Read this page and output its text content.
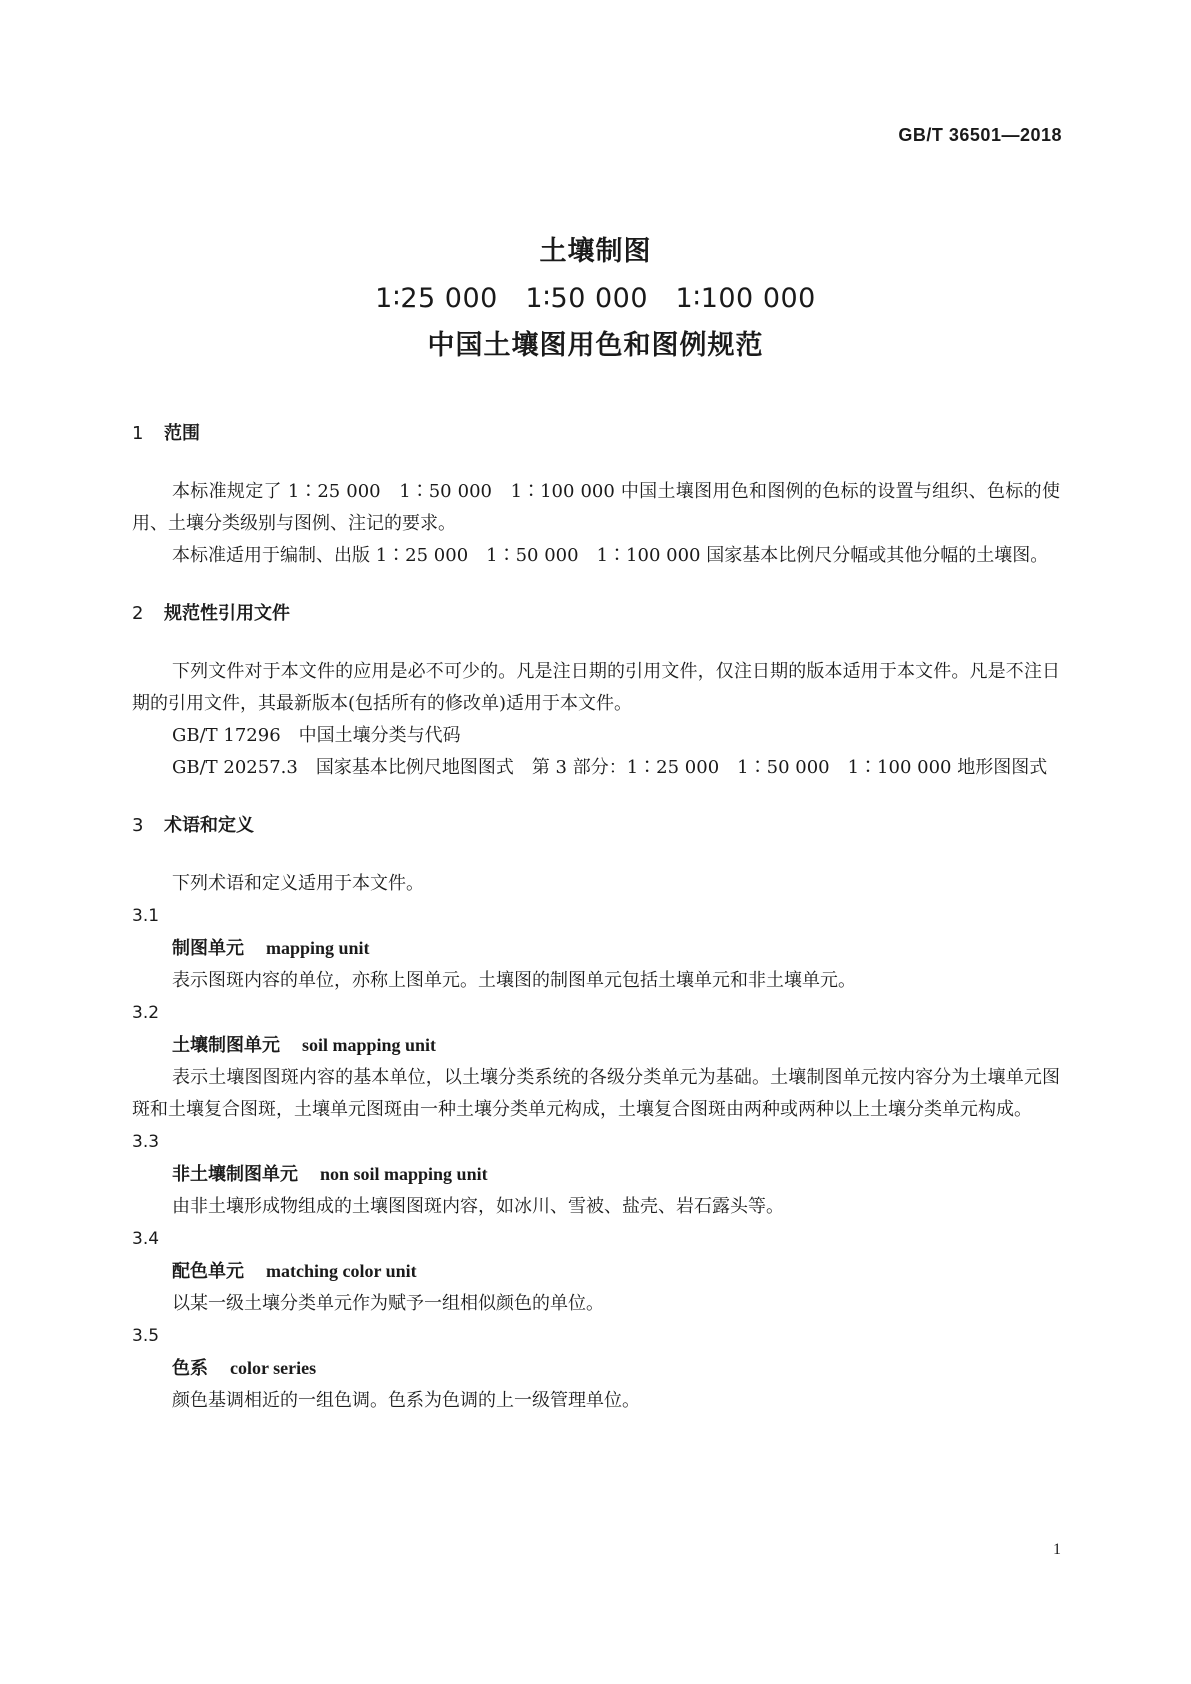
GB/T 36501—2018
土壤制图
1∶25 000　1∶50 000　1∶100 000
中国土壤图用色和图例规范
1 范围

本标准规定了 1∶25 000　1∶50 000　1∶100 000 中国土壤图用色和图例的色标的设置与组织、色标的使用、土壤分类级别与图例、注记的要求。

本标准适用于编制、出版 1∶25 000　1∶50 000　1∶100 000 国家基本比例尺分幅或其他分幅的土壤图。

2 规范性引用文件

下列文件对于本文件的应用是必不可少的。凡是注日期的引用文件，仅注日期的版本适用于本文件。凡是不注日期的引用文件，其最新版本(包括所有的修改单)适用于本文件。

GB/T 17296　中国土壤分类与代码

GB/T 20257.3　国家基本比例尺地图图式　第 3 部分：1∶25 000　1∶50 000　1∶100 000 地形图图式

3 术语和定义

下列术语和定义适用于本文件。

3.1

制图单元 mapping unit

表示图斑内容的单位，亦称上图单元。土壤图的制图单元包括土壤单元和非土壤单元。

3.2

土壤制图单元 soil mapping unit

表示土壤图图斑内容的基本单位，以土壤分类系统的各级分类单元为基础。土壤制图单元按内容分为土壤单元图斑和土壤复合图斑，土壤单元图斑由一种土壤分类单元构成，土壤复合图斑由两种或两种以上土壤分类单元构成。

3.3

非土壤制图单元 non soil mapping unit

由非土壤形成物组成的土壤图图斑内容，如冰川、雪被、盐壳、岩石露头等。

3.4

配色单元 matching color unit

以某一级土壤分类单元作为赋予一组相似颜色的单位。

3.5

色系 color series

颜色基调相近的一组色调。色系为色调的上一级管理单位。

1
